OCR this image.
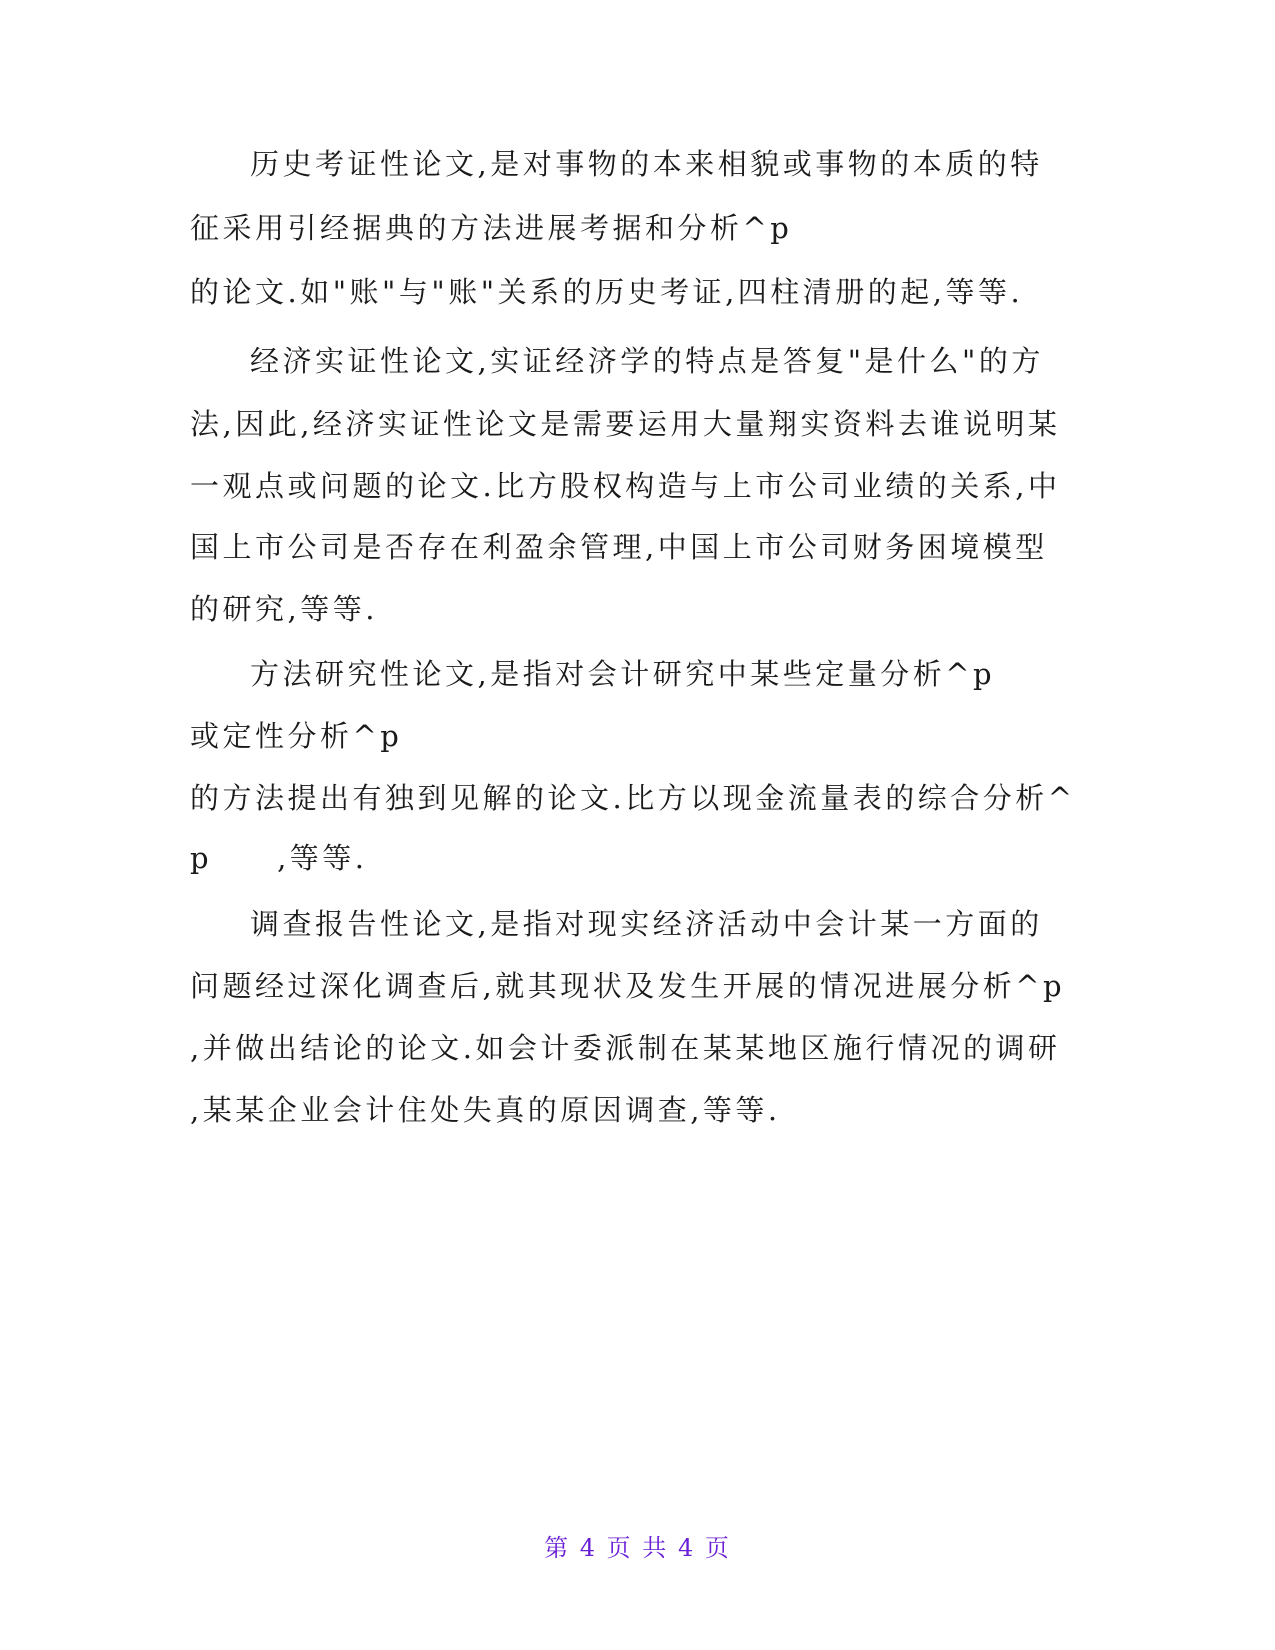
历史考证性论文,是对事物的本来相貌或事物的本质的特
征采用引经据典的方法进展考据和分析^p
的论文.如"账"与"账"关系的历史考证,四柱清册的起,等等.
经济实证性论文,实证经济学的特点是答复"是什么"的方
法,因此,经济实证性论文是需要运用大量翔实资料去谁说明某
一观点或问题的论文.比方股权构造与上市公司业绩的关系,中
国上市公司是否存在利盈余管理,中国上市公司财务困境模型
的研究,等等.
方法研究性论文,是指对会计研究中某些定量分析^p
或定性分析^p
的方法提出有独到见解的论文.比方以现金流量表的综合分析^
p　　,等等.
调查报告性论文,是指对现实经济活动中会计某一方面的
问题经过深化调查后,就其现状及发生开展的情况进展分析^p
,并做出结论的论文.如会计委派制在某某地区施行情况的调研
,某某企业会计住处失真的原因调查,等等.
第 4 页 共 4 页
